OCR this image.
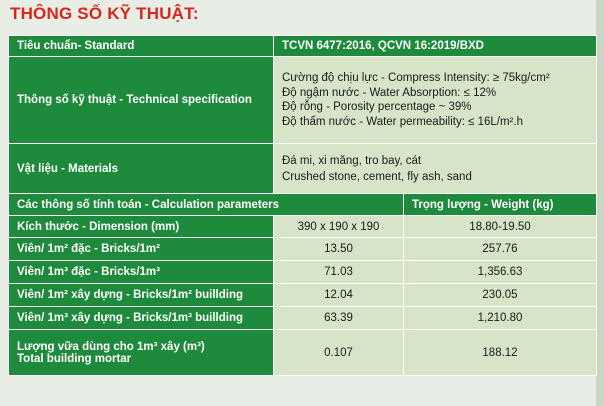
THÔNG SỐ KỸ THUẬT:
Tiêu chuẩn- Standard	TCVN 6477:2016, QCVN 16:2019/BXD	
Thông số kỹ thuật - Technical specification	Cường độ chịu lực - Compress Intensity: ≥ 75kg/cm²
Độ ngậm nước - Water Absorption: ≤ 12%
Độ rỗng - Porosity percentage ~ 39%
Độ thấm nước - Water permeability: ≤ 16L/m².h	

Vật liệu - Materials	Đá mi, xi măng, tro bay, cát
Crushed stone, cement, fly ash, sand	

Các thông số tính toán - Calculation parameters		Trọng lượng - Weight (kg)
Kích thước - Dimension (mm)	390 x 190 x 190	18.80-19.50
Viên/ 1m² đặc - Bricks/1m²	13.50	257.76
Viên/ 1m³ đặc - Bricks/1m³	71.03	1,356.63
Viên/ 1m² xây dựng - Bricks/1m² buillding	12.04	230.05
Viên/ 1m³ xây dựng - Bricks/1m³ buillding	63.39	1,210.80

Lượng vữa dùng cho 1m³ xây (m³)
Total building mortar	0.107	188.12
